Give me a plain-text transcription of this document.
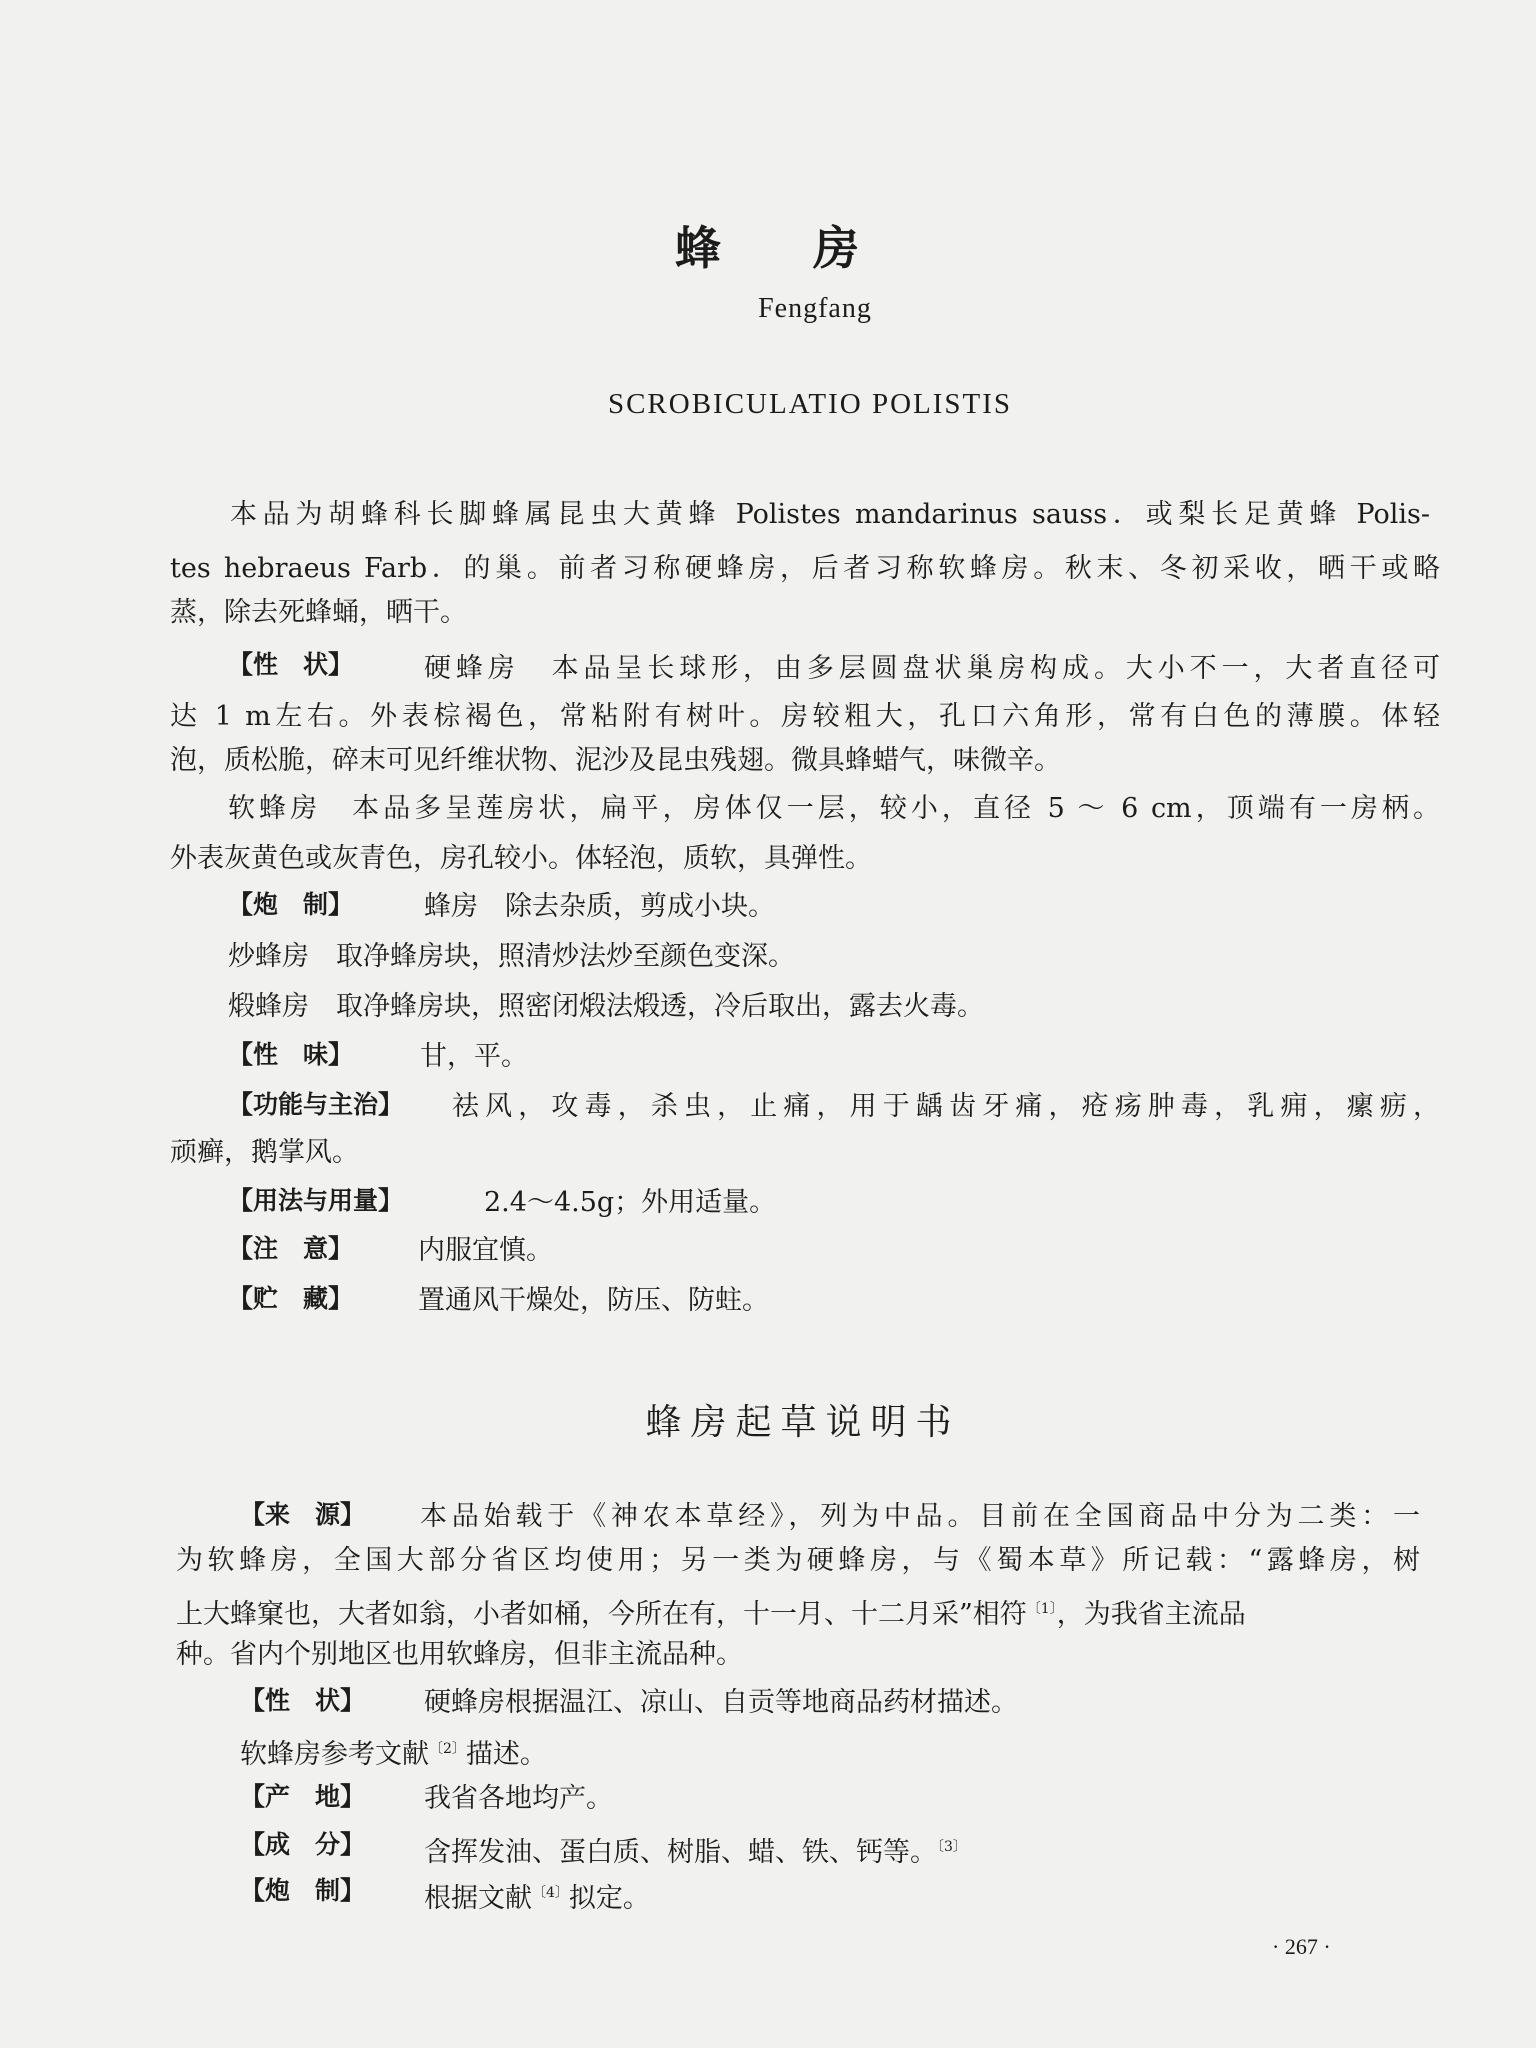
蜂 房
Fengfang
SCROBICULATIO POLISTIS
本品为胡蜂科长脚蜂属昆虫大黄蜂 Polistes mandarinus sauss．或梨长足黄蜂 Polis-
tes hebraeus Farb．的巢。前者习称硬蜂房，后者习称软蜂房。秋末、冬初采收，晒干或略
蒸，除去死蜂蛹，晒干。
【性　状】	硬蜂房　本品呈长球形，由多层圆盘状巢房构成。大小不一，大者直径可
达 1 m左右。外表棕褐色，常粘附有树叶。房较粗大，孔口六角形，常有白色的薄膜。体轻
泡，质松脆，碎末可见纤维状物、泥沙及昆虫残翅。微具蜂蜡气，味微辛。
软蜂房　本品多呈莲房状，扁平，房体仅一层，较小，直径 5 ～ 6 cm，顶端有一房柄。
外表灰黄色或灰青色，房孔较小。体轻泡，质软，具弹性。
【炮　制】	蜂房　除去杂质，剪成小块。
炒蜂房　取净蜂房块，照清炒法炒至颜色变深。
煅蜂房　取净蜂房块，照密闭煅法煅透，冷后取出，露去火毒。
【性　味】 甘，平。
【功能与主治】 祛风，攻毒，杀虫，止痛，用于龋齿牙痛，疮疡肿毒，乳痈，瘰疬，
顽癣，鹅掌风。
【用法与用量】	2.4～4.5g；外用适量。
【注　意】 内服宜慎。
【贮　藏】 置通风干燥处，防压、防蛀。
蜂房起草说明书
【来　源】 本品始载于《神农本草经》，列为中品。目前在全国商品中分为二类：一
为软蜂房，全国大部分省区均使用；另一类为硬蜂房，与《蜀本草》所记载：“露蜂房，树
上大蜂窠也，大者如翁，小者如桶，今所在有，十一月、十二月采”相符$^{〔1〕}$，为我省主流品
种。省内个别地区也用软蜂房，但非主流品种。
【性　状】 硬蜂房根据温江、凉山、自贡等地商品药材描述。
软蜂房参考文献$^{〔2〕}$描述。
【产　地】 我省各地均产。
【成　分】 含挥发油、蛋白质、树脂、蜡、铁、钙等。$^{〔3〕}$
【炮　制】 根据文献$^{〔4〕}$拟定。
· 267 ·
